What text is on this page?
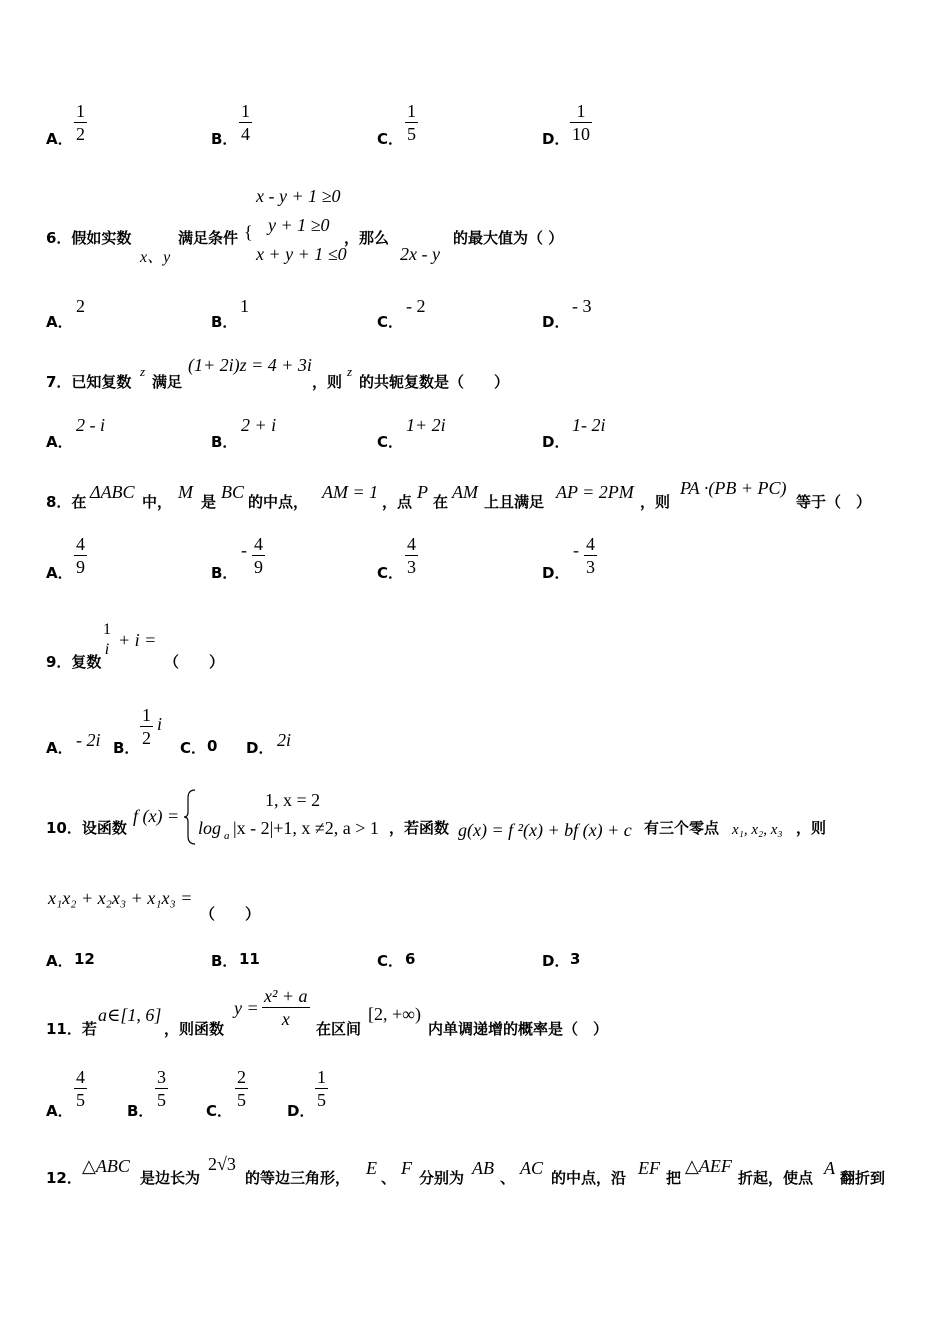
A． $\frac{1}{2}$	B． $\frac{1}{4}$	C． $\frac{1}{5}$	D． $\frac{1}{10}$
6．假如实数
x、y
满足条件 {
x - y + 1 ≥0
y + 1 ≥0
x + y + 1 ≤0
，那么
2x - y
的最大值为（ ）
A．
2
B．
1
C．
- 2
D．
- 3
7．已知复数
z
满足
(1+ 2i)z = 4 + 3i
，则
z
的共轭复数是（　　）
A．
2 - i
B．
2 + i
C．
1+ 2i
D．
1- 2i
8．在 ΔABC 中， M 是 BC 的中点， AM = 1 ，点 P 在 AM 上且满足 AP = 2PM ，则
PA ·(PB + PC)
等于（　）
A． $\frac{4}{9}$	B．
- $\frac{4}{9}$	C． $\frac{4}{3}$	D．
- $\frac{4}{3}$
9．复数
1
i + i =
（　　）
A． - 2i B． $\frac{1}{2}$ i
C． 0 D． 2i
10．设函数
f (x) =
1, x = 2
log a |x - 2|+1, x ≠2, a > 1 ，若函数 g(x) = f ²(x) + bf (x) + c 有三个零点 x₁, x₂, x₃ ，则
x₁x₂ + x₂x₃ + x₁x₃ =
（　　）
A． 12	B． 11	C． 6	D． 3
11．若
a∈[1, 6]
，则函数
$y = \frac{\text{x² + a}}{x}$ 在区间
[2, +∞)
内单调递增的概率是（　）
A． $\frac{4}{5}$	B． $\frac{3}{5}$	C． $\frac{2}{5}$	D． $\frac{1}{5}$
12．
△ABC
是边长为
2√3
的等边三角形， E 、 F 分别为 AB 、 AC 的中点，沿 EF 把
△AEF
折起，使点 A 翻折到
